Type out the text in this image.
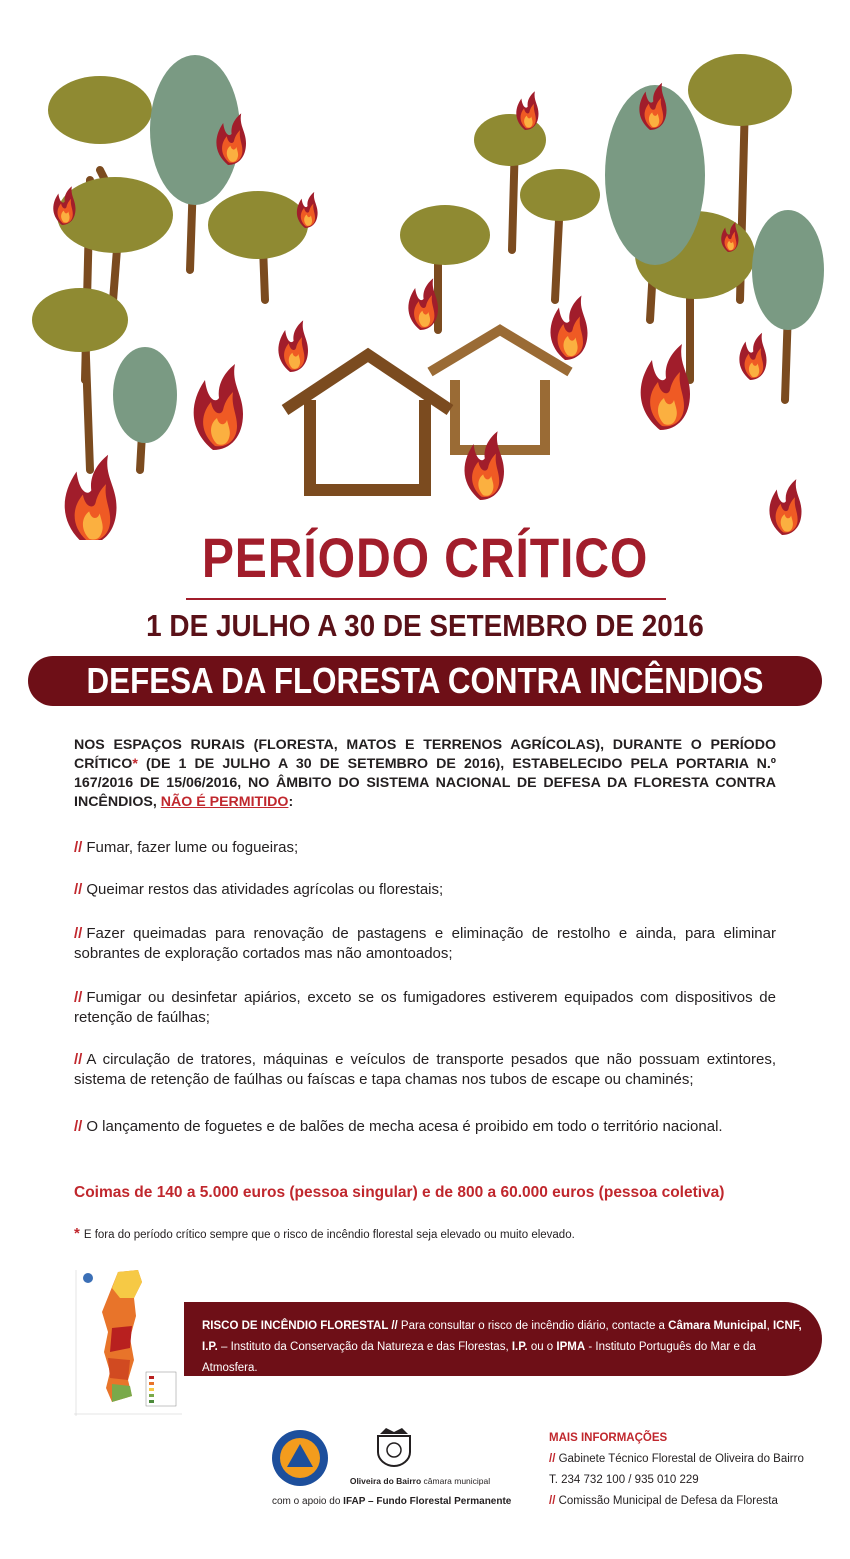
PERÍODO CRÍTICO
1 DE JULHO A 30 DE SETEMBRO DE 2016
DEFESA DA FLORESTA CONTRA INCÊNDIOS
NOS ESPAÇOS RURAIS (FLORESTA, MATOS E TERRENOS AGRÍCOLAS), DURANTE O PERÍODO CRÍTICO* (DE 1 DE JULHO A 30 DE SETEMBRO DE 2016), ESTABELECIDO PELA PORTARIA N.º 167/2016 DE 15/06/2016, NO ÂMBITO DO SISTEMA NACIONAL DE DEFESA DA FLORESTA CONTRA INCÊNDIOS, NÃO É PERMITIDO:

// Fumar, fazer lume ou fogueiras;

// Queimar restos das atividades agrícolas ou florestais;

// Fazer queimadas para renovação de pastagens e eliminação de restolho e ainda, para eliminar sobrantes de exploração cortados mas não amontoados;

// Fumigar ou desinfetar apiários, exceto se os fumigadores estiverem equipados com dispositivos de retenção de faúlhas;

// A circulação de tratores, máquinas e veículos de transporte pesados que não possuam extintores, sistema de retenção de faúlhas ou faíscas e tapa chamas nos tubos de escape ou chaminés;

// O lançamento de foguetes e de balões de mecha acesa é proibido em todo o território nacional.

Coimas de 140 a 5.000 euros (pessoa singular) e de 800 a 60.000 euros (pessoa coletiva)
* E fora do período crítico sempre que o risco de incêndio florestal seja elevado ou muito elevado.

RISCO DE INCÊNDIO FLORESTAL // Para consultar o risco de incêndio diário, contacte a Câmara Municipal, ICNF, I.P. – Instituto da Conservação da Natureza e das Florestas, I.P. ou o IPMA - Instituto Português do Mar e da Atmosfera.

Oliveira do Bairro câmara municipal
com o apoio do IFAP – Fundo Florestal Permanente
MAIS INFORMAÇÕES
// Gabinete Técnico Florestal de Oliveira do Bairro
T. 234 732 100 / 935 010 229
// Comissão Municipal de Defesa da Floresta
